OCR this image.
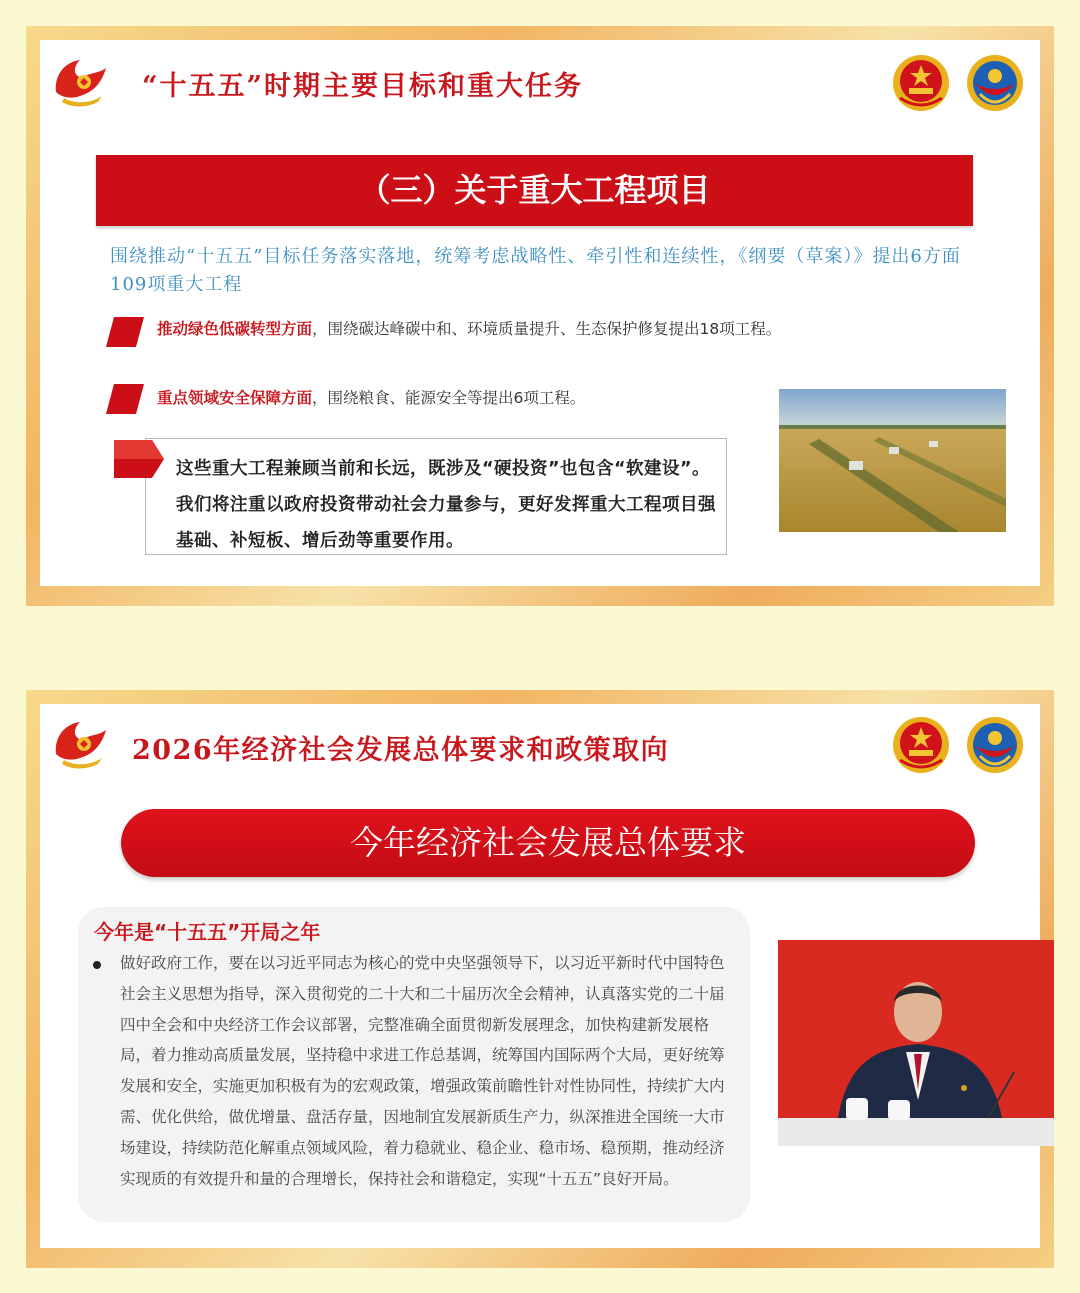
“十五五”时期主要目标和重大任务
（三）关于重大工程项目
围绕推动“十五五”目标任务落实落地，统筹考虑战略性、牵引性和连续性，《纲要（草案）》提出6方面109项重大工程
推动绿色低碳转型方面，围绕碳达峰碳中和、环境质量提升、生态保护修复提出18项工程。
重点领域安全保障方面，围绕粮食、能源安全等提出6项工程。
这些重大工程兼顾当前和长远，既涉及“硬投资”也包含“软建设”。我们将注重以政府投资带动社会力量参与，更好发挥重大工程项目强基础、补短板、增后劲等重要作用。
2026年经济社会发展总体要求和政策取向
今年经济社会发展总体要求
今年是“十五五”开局之年
做好政府工作，要在以习近平同志为核心的党中央坚强领导下，以习近平新时代中国特色社会主义思想为指导，深入贯彻党的二十大和二十届历次全会精神，认真落实党的二十届四中全会和中央经济工作会议部署，完整准确全面贯彻新发展理念，加快构建新发展格局，着力推动高质量发展，坚持稳中求进工作总基调，统筹国内国际两个大局，更好统筹发展和安全，实施更加积极有为的宏观政策，增强政策前瞻性针对性协同性，持续扩大内需、优化供给，做优增量、盘活存量，因地制宜发展新质生产力，纵深推进全国统一大市场建设，持续防范化解重点领域风险，着力稳就业、稳企业、稳市场、稳预期，推动经济实现质的有效提升和量的合理增长，保持社会和谐稳定，实现“十五五”良好开局。
